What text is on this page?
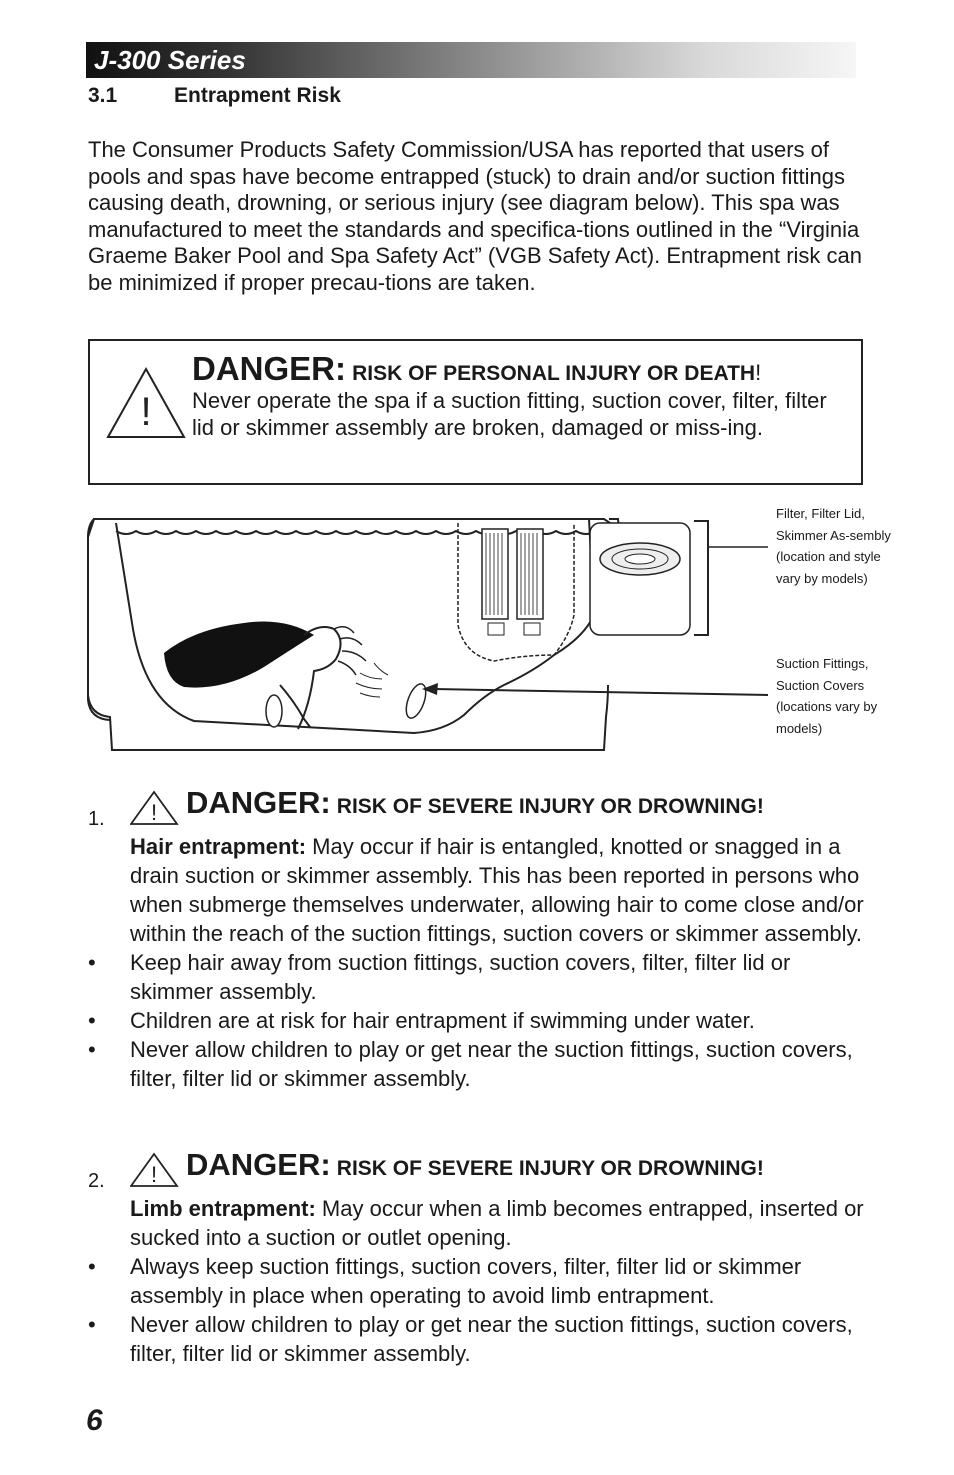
J-300 Series
3.1	Entrapment Risk

The Consumer Products Safety Commission/USA has reported that users of pools and spas have become entrapped (stuck) to drain and/or suction fittings causing death, drowning, or serious injury (see diagram below). This spa was manufactured to meet the standards and specifica-tions outlined in the “Virginia Graeme Baker Pool and Spa Safety Act” (VGB Safety Act). Entrapment risk can be minimized if proper precau-tions are taken.

!
DANGER: RISK OF PERSONAL INJURY OR DEATH!
Never operate the spa if a suction fitting, suction cover, filter, filter lid or skimmer assembly are broken, damaged or miss-ing.

Filter, Filter Lid, Skimmer As-sembly (location and style vary by models)

Suction Fittings, Suction Covers (locations vary by models)

1. ! DANGER: RISK OF SEVERE INJURY OR DROWNING!

Hair entrapment: May occur if hair is entangled, knotted or snagged in a drain suction or skimmer assembly. This has been reported in persons who when submerge themselves underwater, allowing hair to come close and/or within the reach of the suction fittings, suction covers or skimmer assembly.

• Keep hair away from suction fittings, suction covers, filter, filter lid or skimmer assembly.
• Children are at risk for hair entrapment if swimming under water.
• Never allow children to play or get near the suction fittings, suction covers, filter, filter lid or skimmer assembly.
2. ! DANGER: RISK OF SEVERE INJURY OR DROWNING!

Limb entrapment: May occur when a limb becomes entrapped, inserted or sucked into a suction or outlet opening.

• Always keep suction fittings, suction covers, filter, filter lid or skimmer assembly in place when operating to avoid limb entrapment.
• Never allow children to play or get near the suction fittings, suction covers, filter, filter lid or skimmer assembly.
6
